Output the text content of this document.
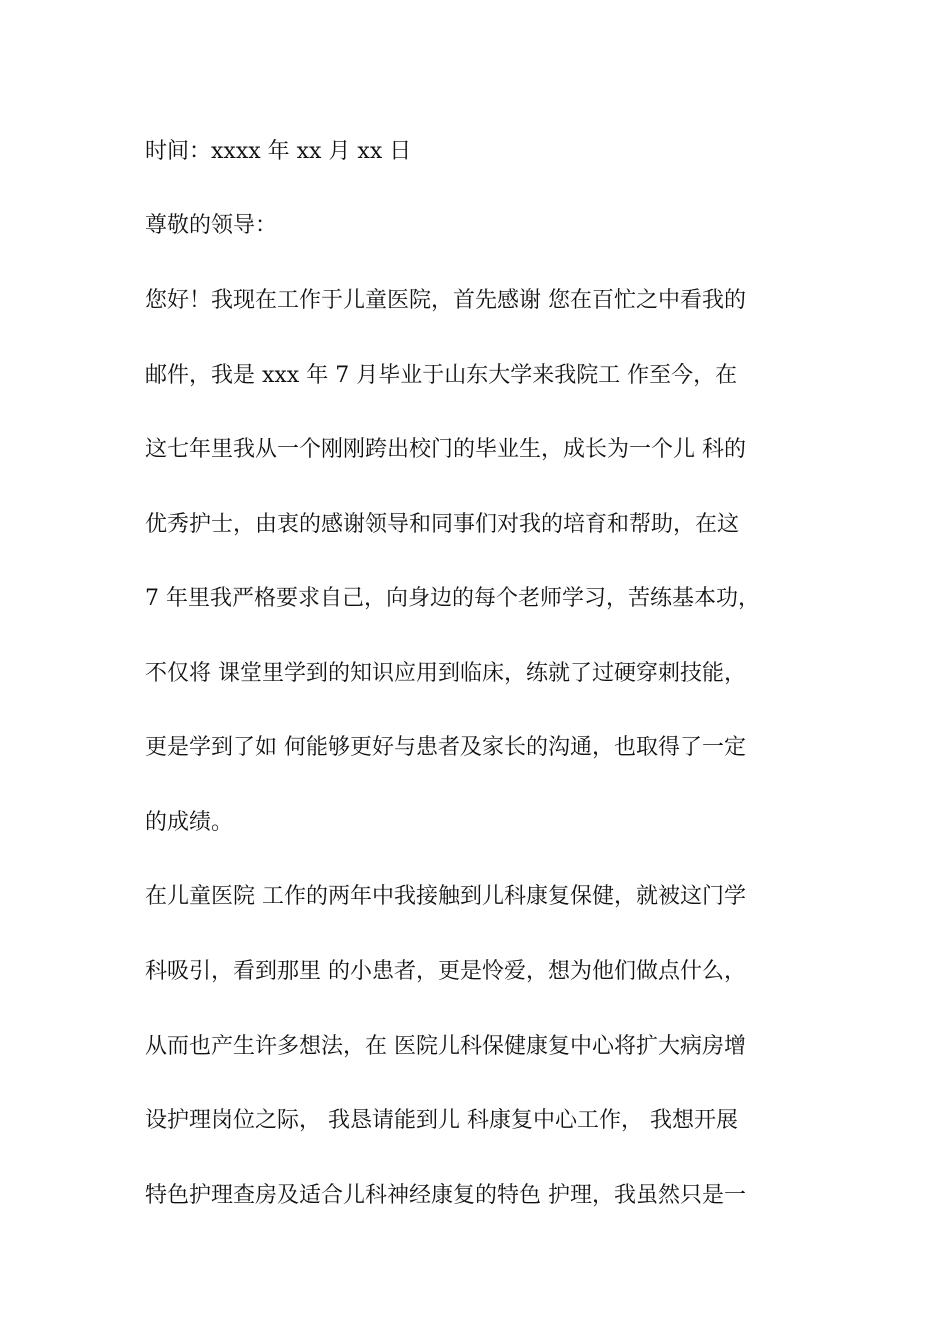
时间：xxxx 年 xx 月 xx 日
尊敬的领导：
您好！我现在工作于儿童医院，首先感谢 您在百忙之中看我的
邮件，我是 xxx 年 7 月毕业于山东大学来我院工 作至今，在
这七年里我从一个刚刚跨出校门的毕业生，成长为一个儿 科的
优秀护士，由衷的感谢领导和同事们对我的培育和帮助，在这
7 年里我严格要求自己，向身边的每个老师学习，苦练基本功，
不仅将 课堂里学到的知识应用到临床，练就了过硬穿刺技能，
更是学到了如 何能够更好与患者及家长的沟通，也取得了一定
的成绩。
在儿童医院 工作的两年中我接触到儿科康复保健，就被这门学
科吸引，看到那里 的小患者，更是怜爱，想为他们做点什么，
从而也产生许多想法，在 医院儿科保健康复中心将扩大病房增
设护理岗位之际， 我恳请能到儿 科康复中心工作， 我想开展
特色护理查房及适合儿科神经康复的特色 护理，我虽然只是一
